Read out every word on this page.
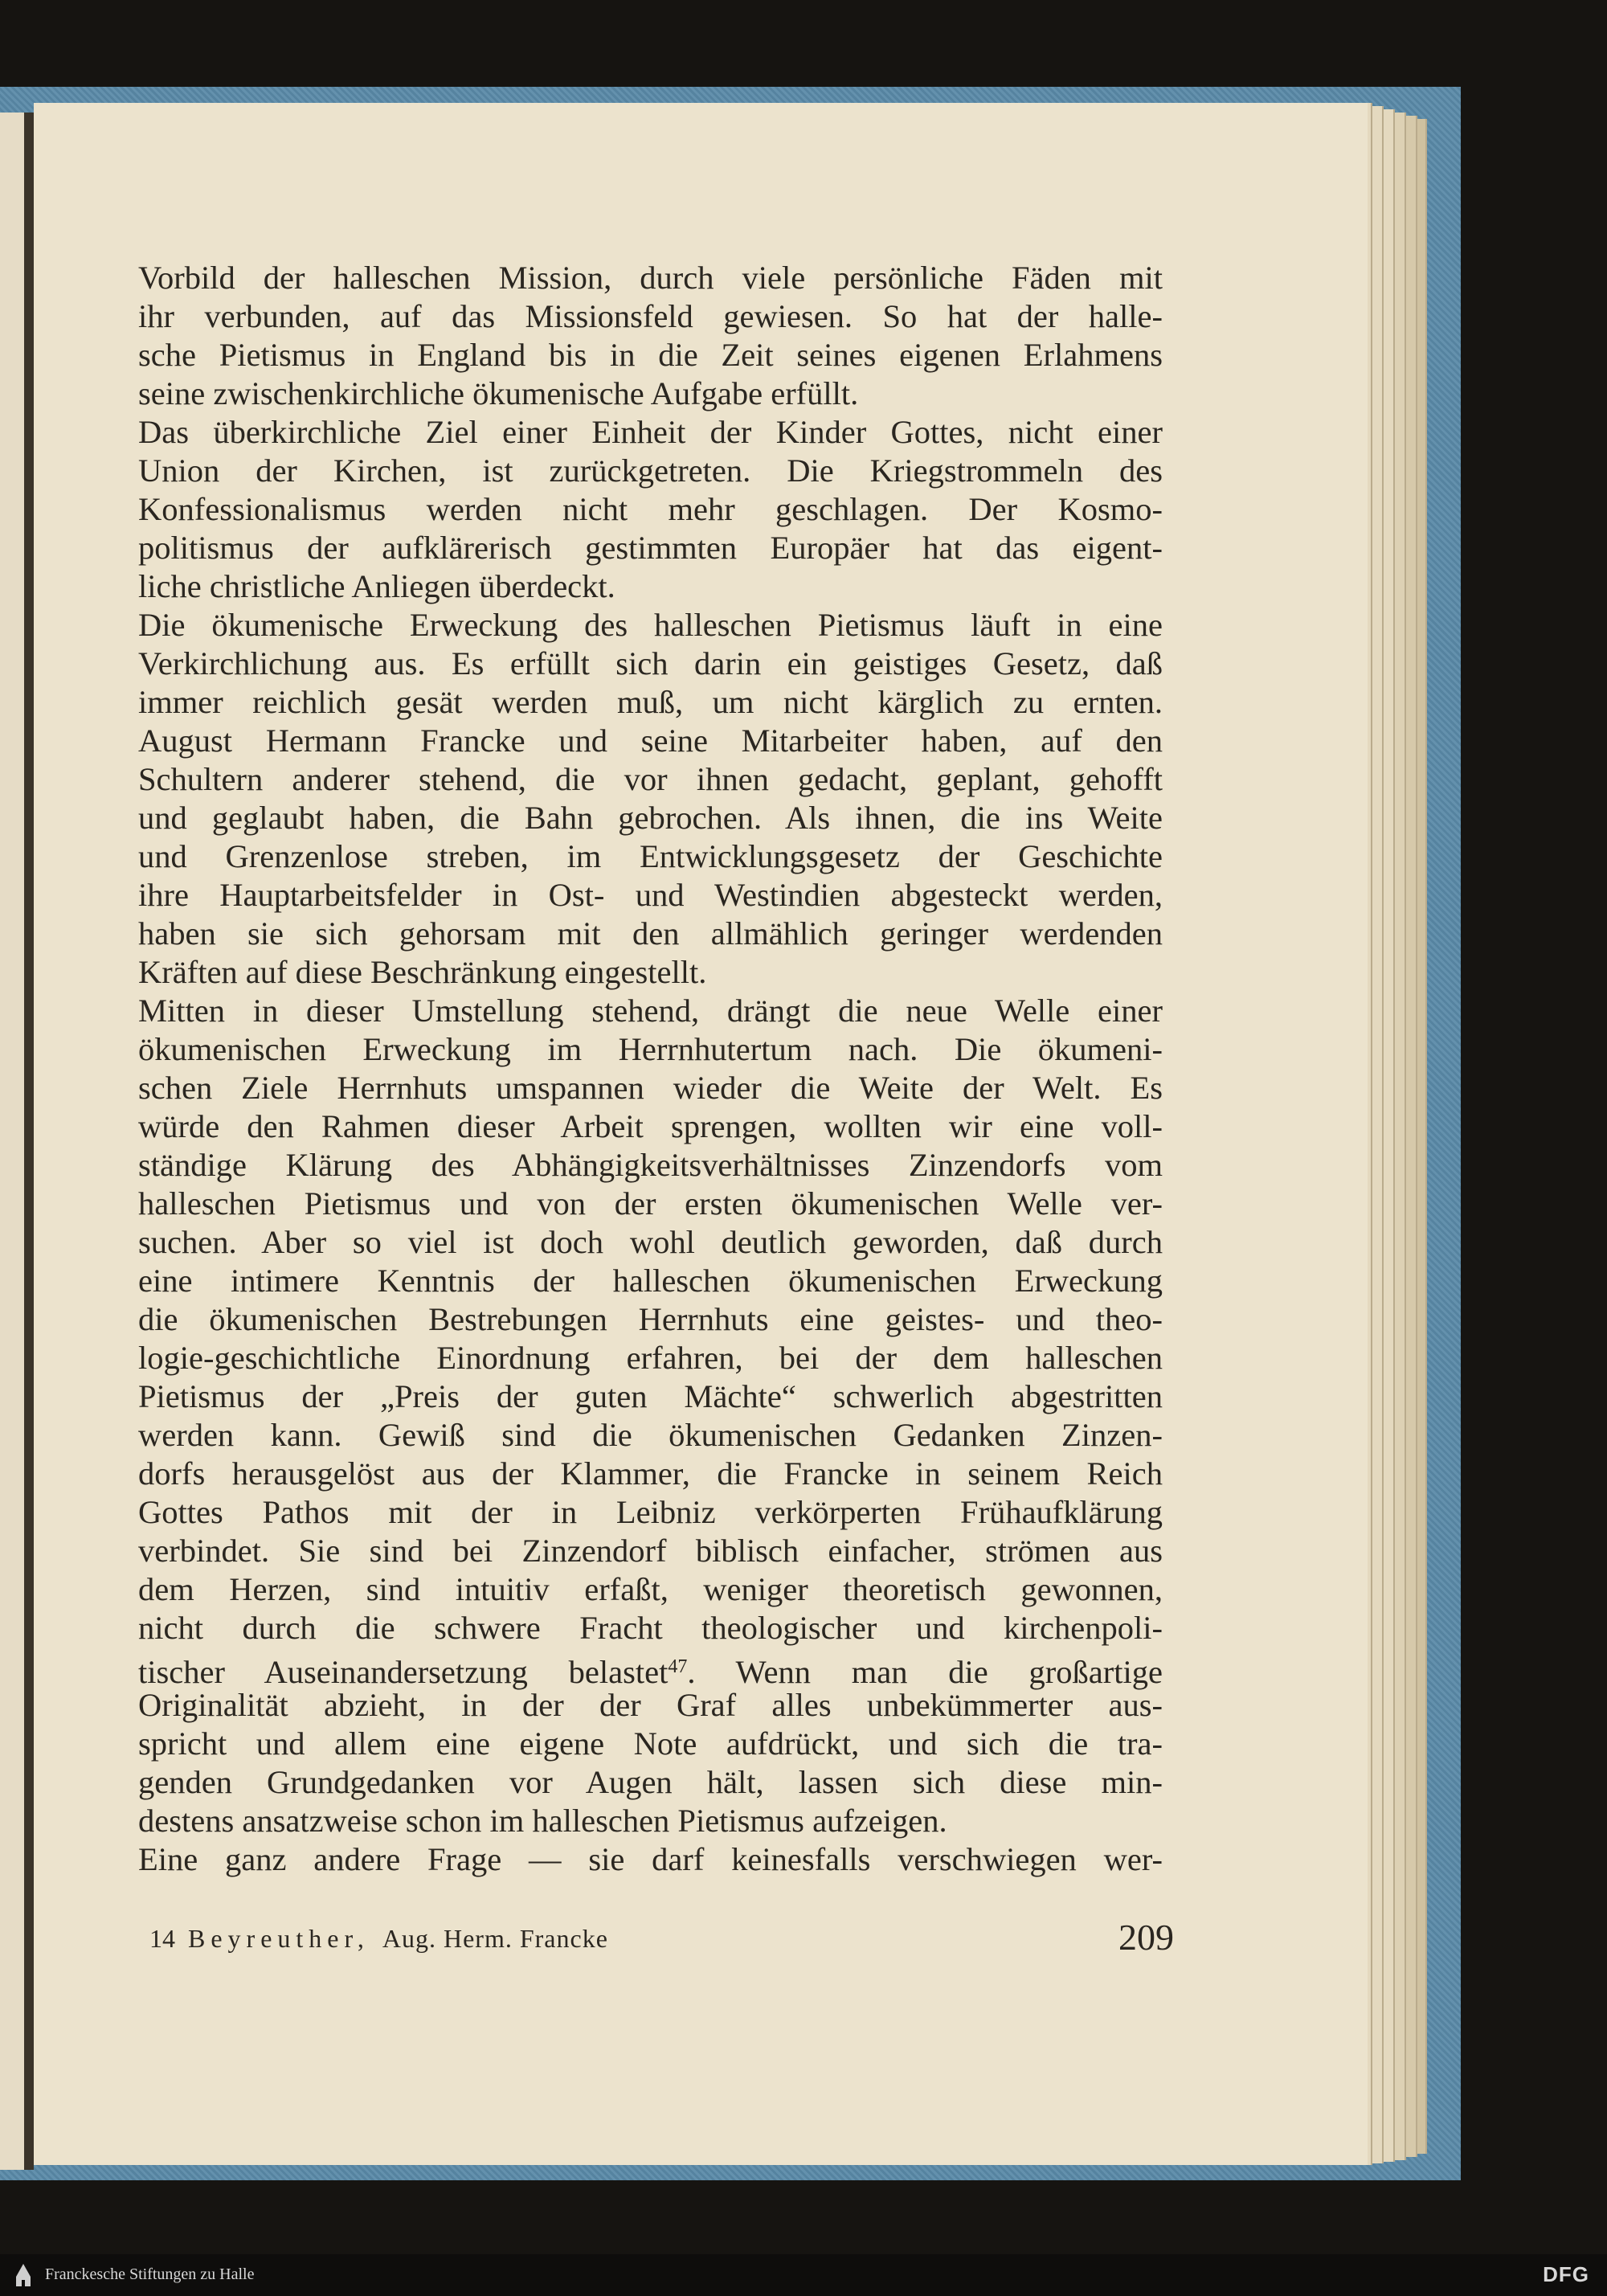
Vorbild der halleschen Mission, durch viele persönliche Fäden mit
ihr verbunden, auf das Missionsfeld gewiesen. So hat der halle-
sche Pietismus in England bis in die Zeit seines eigenen Erlahmens
seine zwischenkirchliche ökumenische Aufgabe erfüllt.
Das überkirchliche Ziel einer Einheit der Kinder Gottes, nicht einer
Union der Kirchen, ist zurückgetreten. Die Kriegstrommeln des
Konfessionalismus werden nicht mehr geschlagen. Der Kosmo-
politismus der aufklärerisch gestimmten Europäer hat das eigent-
liche christliche Anliegen überdeckt.
Die ökumenische Erweckung des halleschen Pietismus läuft in eine
Verkirchlichung aus. Es erfüllt sich darin ein geistiges Gesetz, daß
immer reichlich gesät werden muß, um nicht kärglich zu ernten.
August Hermann Francke und seine Mitarbeiter haben, auf den
Schultern anderer stehend, die vor ihnen gedacht, geplant, gehofft
und geglaubt haben, die Bahn gebrochen. Als ihnen, die ins Weite
und Grenzenlose streben, im Entwicklungsgesetz der Geschichte
ihre Hauptarbeitsfelder in Ost- und Westindien abgesteckt werden,
haben sie sich gehorsam mit den allmählich geringer werdenden
Kräften auf diese Beschränkung eingestellt.
Mitten in dieser Umstellung stehend, drängt die neue Welle einer
ökumenischen Erweckung im Herrnhutertum nach. Die ökumeni-
schen Ziele Herrnhuts umspannen wieder die Weite der Welt. Es
würde den Rahmen dieser Arbeit sprengen, wollten wir eine voll-
ständige Klärung des Abhängigkeitsverhältnisses Zinzendorfs vom
halleschen Pietismus und von der ersten ökumenischen Welle ver-
suchen. Aber so viel ist doch wohl deutlich geworden, daß durch
eine intimere Kenntnis der halleschen ökumenischen Erweckung
die ökumenischen Bestrebungen Herrnhuts eine geistes- und theo-
logie-geschichtliche Einordnung erfahren, bei der dem halleschen
Pietismus der „Preis der guten Mächte“ schwerlich abgestritten
werden kann. Gewiß sind die ökumenischen Gedanken Zinzen-
dorfs herausgelöst aus der Klammer, die Francke in seinem Reich
Gottes Pathos mit der in Leibniz verkörperten Frühaufklärung
verbindet. Sie sind bei Zinzendorf biblisch einfacher, strömen aus
dem Herzen, sind intuitiv erfaßt, weniger theoretisch gewonnen,
nicht durch die schwere Fracht theologischer und kirchenpoli-
tischer Auseinandersetzung belastet$^{47}$. Wenn man die großartige
Originalität abzieht, in der der Graf alles unbekümmerter aus-
spricht und allem eine eigene Note aufdrückt, und sich die tra-
genden Grundgedanken vor Augen hält, lassen sich diese min-
destens ansatzweise schon im halleschen Pietismus aufzeigen.
Eine ganz andere Frage — sie darf keinesfalls verschwiegen wer-
14 Beyreuther, Aug. Herm. Francke	209
Franckesche Stiftungen zu Halle	DFG
